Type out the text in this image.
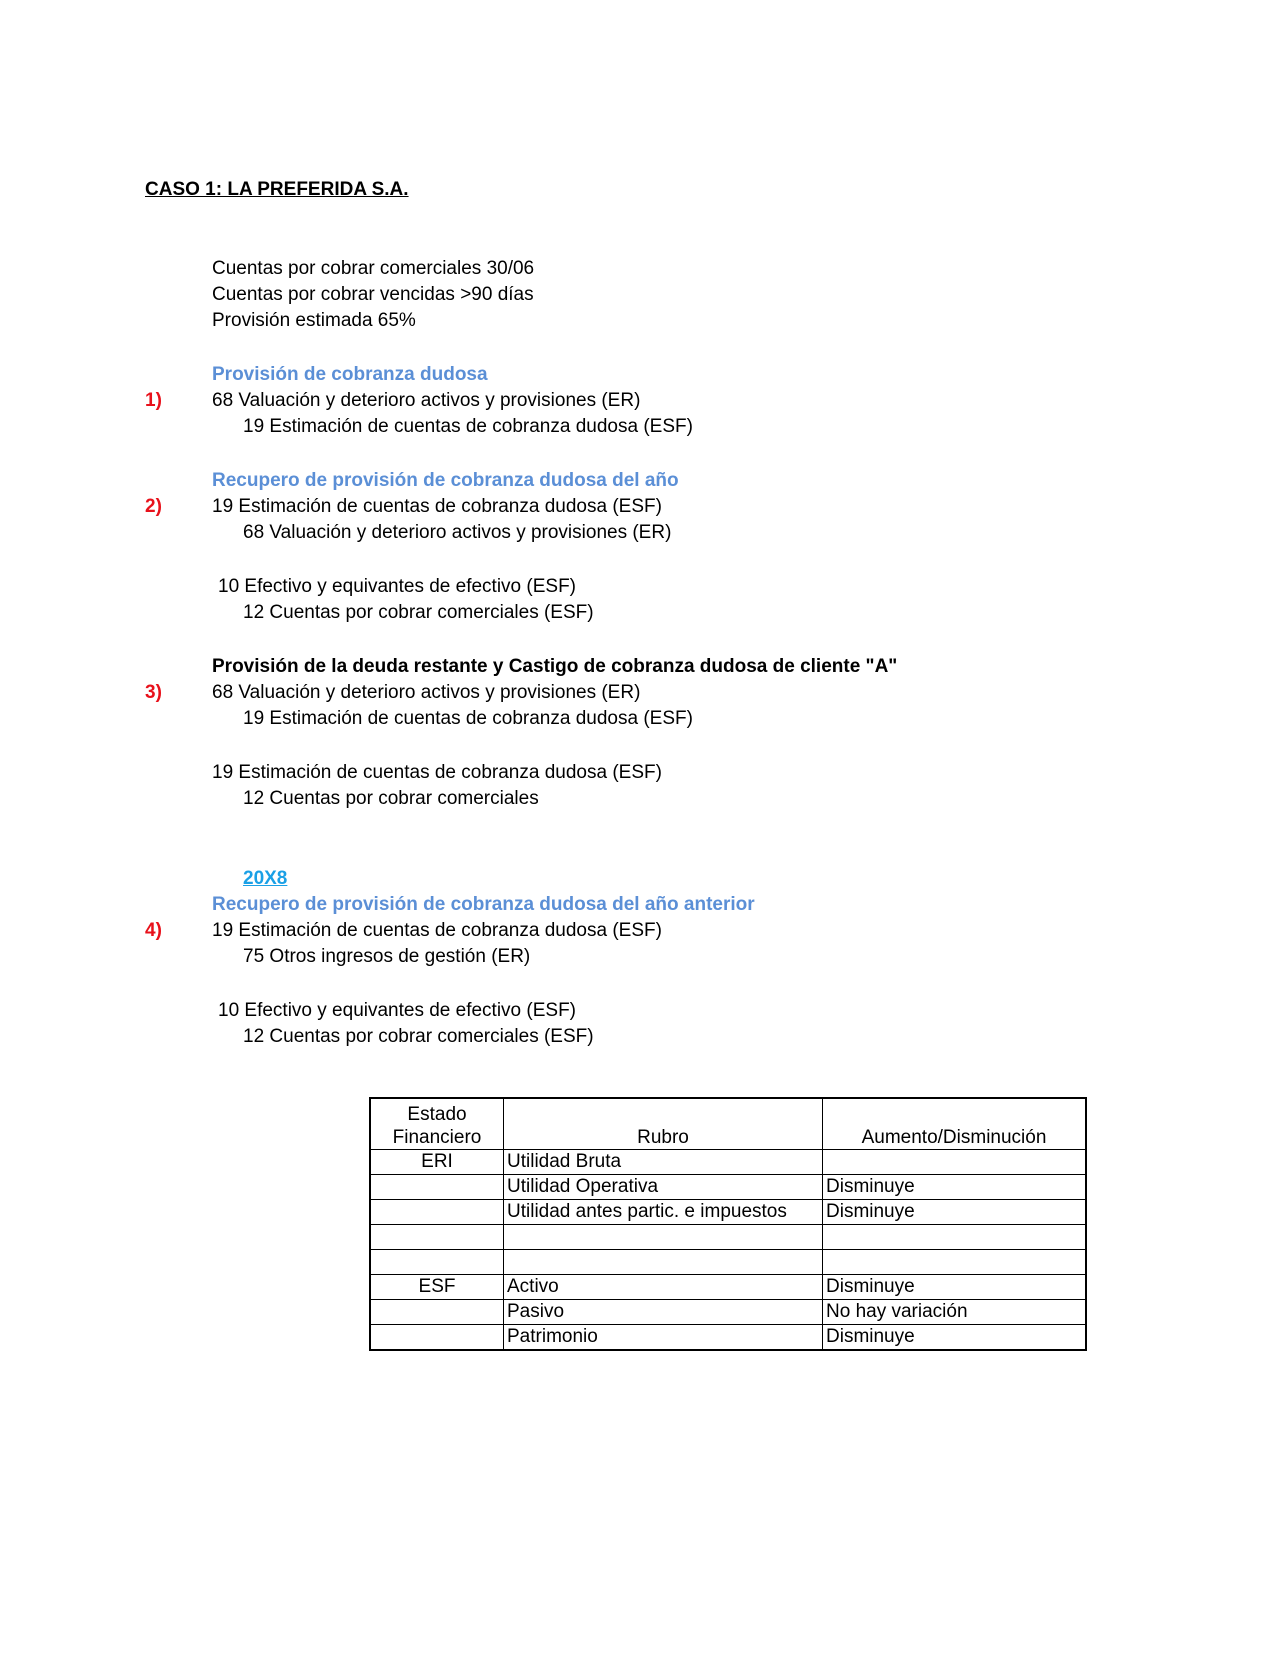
CASO 1: LA PREFERIDA S.A.
Cuentas por cobrar comerciales 30/06
Cuentas por cobrar vencidas >90 días
Provisión estimada 65%
Provisión de cobranza dudosa
1)	68 Valuación y deterioro activos y provisiones (ER)
19 Estimación de cuentas de cobranza dudosa (ESF)
Recupero de provisión de cobranza dudosa del año
2)	19 Estimación de cuentas de cobranza dudosa (ESF)
68 Valuación y deterioro activos y provisiones (ER)
10 Efectivo y equivantes de efectivo (ESF)
12 Cuentas por cobrar comerciales (ESF)
Provisión de la deuda restante y Castigo de cobranza dudosa de cliente "A"
3)	68 Valuación y deterioro activos y provisiones (ER)
19 Estimación de cuentas de cobranza dudosa (ESF)
19 Estimación de cuentas de cobranza dudosa (ESF)
12 Cuentas por cobrar comerciales
20X8
Recupero de provisión de cobranza dudosa del año anterior
4)	19 Estimación de cuentas de cobranza dudosa (ESF)
75 Otros ingresos de gestión (ER)
10 Efectivo y equivantes de efectivo (ESF)
12 Cuentas por cobrar comerciales (ESF)
Estado Financiero	Rubro	Aumento/Disminución
ERI	Utilidad Bruta	
	Utilidad Operativa	Disminuye
	Utilidad antes partic. e impuestos	Disminuye

ESF	Activo	Disminuye
	Pasivo	No hay variación
	Patrimonio	Disminuye
